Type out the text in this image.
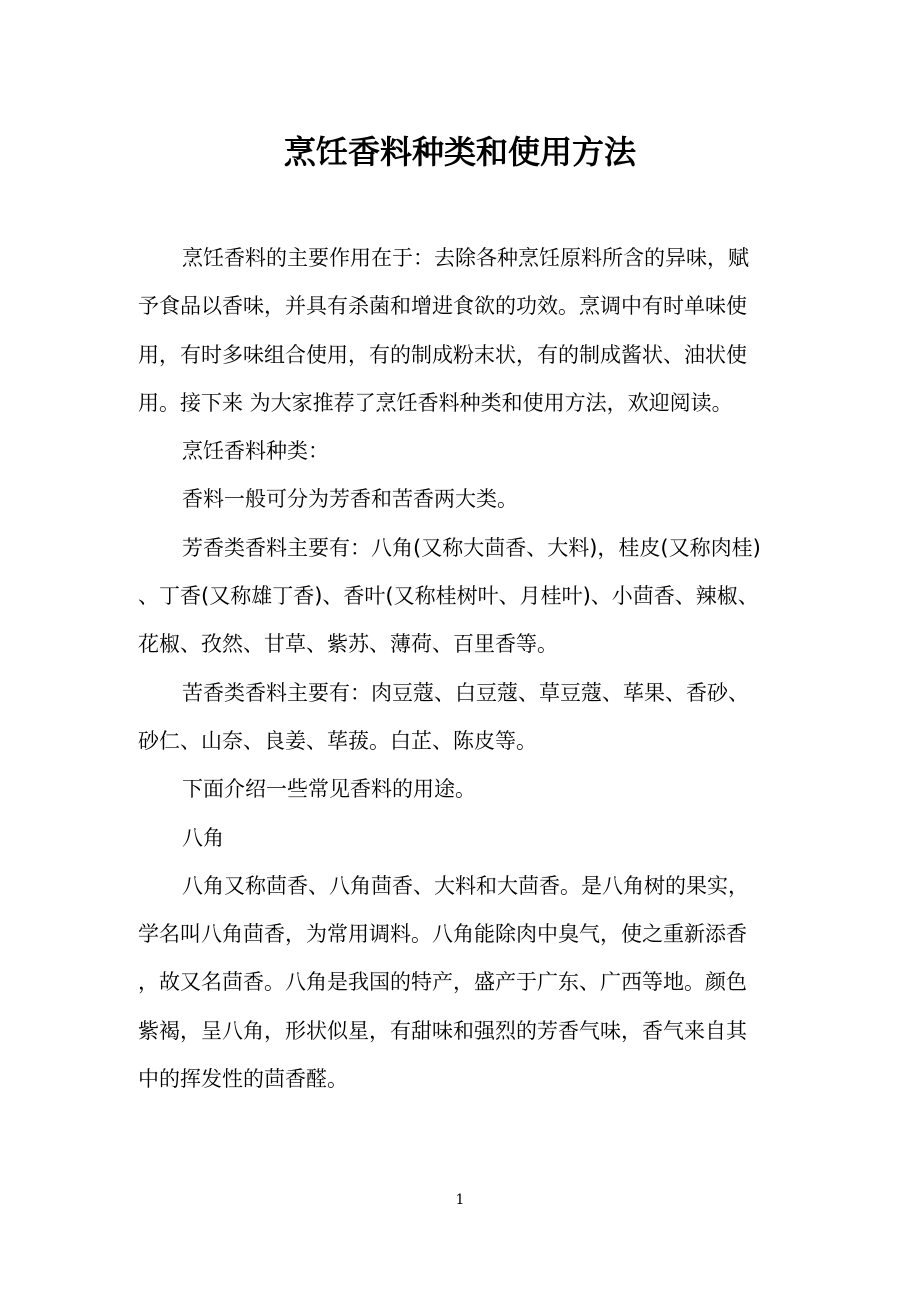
烹饪香料种类和使用方法
烹饪香料的主要作用在于：去除各种烹饪原料所含的异味，赋
予食品以香味，并具有杀菌和增进食欲的功效。烹调中有时单味使
用，有时多味组合使用，有的制成粉末状，有的制成酱状、油状使
用。接下来 为大家推荐了烹饪香料种类和使用方法，欢迎阅读。
烹饪香料种类：
香料一般可分为芳香和苦香两大类。
芳香类香料主要有：八角(又称大茴香、大料)，桂皮(又称肉桂)
、丁香(又称雄丁香)、香叶(又称桂树叶、月桂叶)、小茴香、辣椒、
花椒、孜然、甘草、紫苏、薄荷、百里香等。
苦香类香料主要有：肉豆蔻、白豆蔻、草豆蔻、荜果、香砂、
砂仁、山奈、良姜、荜菝。白芷、陈皮等。
下面介绍一些常见香料的用途。
八角
八角又称茴香、八角茴香、大料和大茴香。是八角树的果实，
学名叫八角茴香，为常用调料。八角能除肉中臭气，使之重新添香
，故又名茴香。八角是我国的特产，盛产于广东、广西等地。颜色
紫褐，呈八角，形状似星，有甜味和强烈的芳香气味，香气来自其
中的挥发性的茴香醛。
1
